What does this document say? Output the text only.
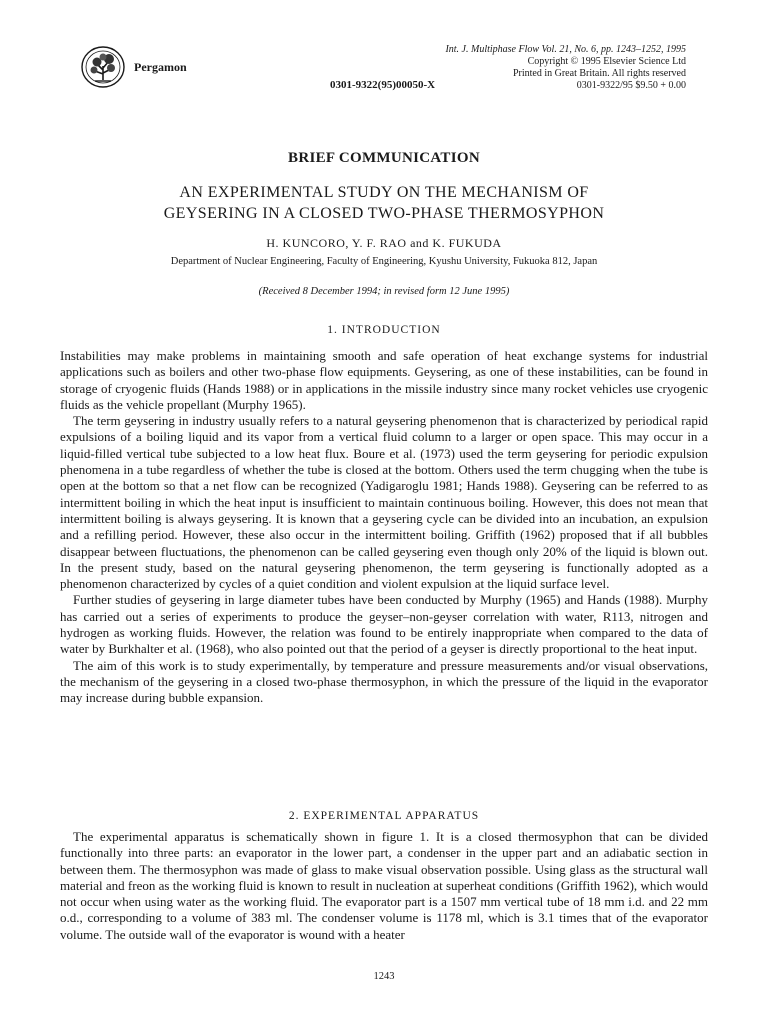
Pergamon
0301-9322(95)00050-X
Int. J. Multiphase Flow Vol. 21, No. 6, pp. 1243–1252, 1995
Copyright © 1995 Elsevier Science Ltd
Printed in Great Britain. All rights reserved
0301-9322/95 $9.50 + 0.00
BRIEF COMMUNICATION
AN EXPERIMENTAL STUDY ON THE MECHANISM OF
GEYSERING IN A CLOSED TWO-PHASE THERMOSYPHON
H. KUNCORO, Y. F. RAO and K. FUKUDA
Department of Nuclear Engineering, Faculty of Engineering, Kyushu University, Fukuoka 812, Japan
(Received 8 December 1994; in revised form 12 June 1995)
1. INTRODUCTION

Instabilities may make problems in maintaining smooth and safe operation of heat exchange systems for industrial applications such as boilers and other two-phase flow equipments. Geysering, as one of these instabilities, can be found in storage of cryogenic fluids (Hands 1988) or in applications in the missile industry since many rocket vehicles use cryogenic fluids as the vehicle propellant (Murphy 1965).

The term geysering in industry usually refers to a natural geysering phenomenon that is characterized by periodical rapid expulsions of a boiling liquid and its vapor from a vertical fluid column to a larger or open space. This may occur in a liquid-filled vertical tube subjected to a low heat flux. Boure et al. (1973) used the term geysering for periodic expulsion phenomena in a tube regardless of whether the tube is closed at the bottom. Others used the term chugging when the tube is open at the bottom so that a net flow can be recognized (Yadigaroglu 1981; Hands 1988). Geysering can be referred to as intermittent boiling in which the heat input is insufficient to maintain continuous boiling. However, this does not mean that intermittent boiling is always geysering. It is known that a geysering cycle can be divided into an incubation, an expulsion and a refilling period. However, these also occur in the intermittent boiling. Griffith (1962) proposed that if all bubbles disappear between fluctuations, the phenomenon can be called geysering even though only 20% of the liquid is blown out. In the present study, based on the natural geysering phenomenon, the term geysering is functionally adopted as a phenomenon characterized by cycles of a quiet condition and violent expulsion at the liquid surface level.

Further studies of geysering in large diameter tubes have been conducted by Murphy (1965) and Hands (1988). Murphy has carried out a series of experiments to produce the geyser–non-geyser correlation with water, R113, nitrogen and hydrogen as working fluids. However, the relation was found to be entirely inappropriate when compared to the data of water by Burkhalter et al. (1968), who also pointed out that the period of a geyser is directly proportional to the heat input.

The aim of this work is to study experimentally, by temperature and pressure measurements and/or visual observations, the mechanism of the geysering in a closed two-phase thermosyphon, in which the pressure of the liquid in the evaporator may increase during bubble expansion.

2. EXPERIMENTAL APPARATUS

The experimental apparatus is schematically shown in figure 1. It is a closed thermosyphon that can be divided functionally into three parts: an evaporator in the lower part, a condenser in the upper part and an adiabatic section in between them. The thermosyphon was made of glass to make visual observation possible. Using glass as the structural wall material and freon as the working fluid is known to result in nucleation at superheat conditions (Griffith 1962), which would not occur when using water as the working fluid. The evaporator part is a 1507 mm vertical tube of 18 mm i.d. and 22 mm o.d., corresponding to a volume of 383 ml. The condenser volume is 1178 ml, which is 3.1 times that of the evaporator volume. The outside wall of the evaporator is wound with a heater

1243
